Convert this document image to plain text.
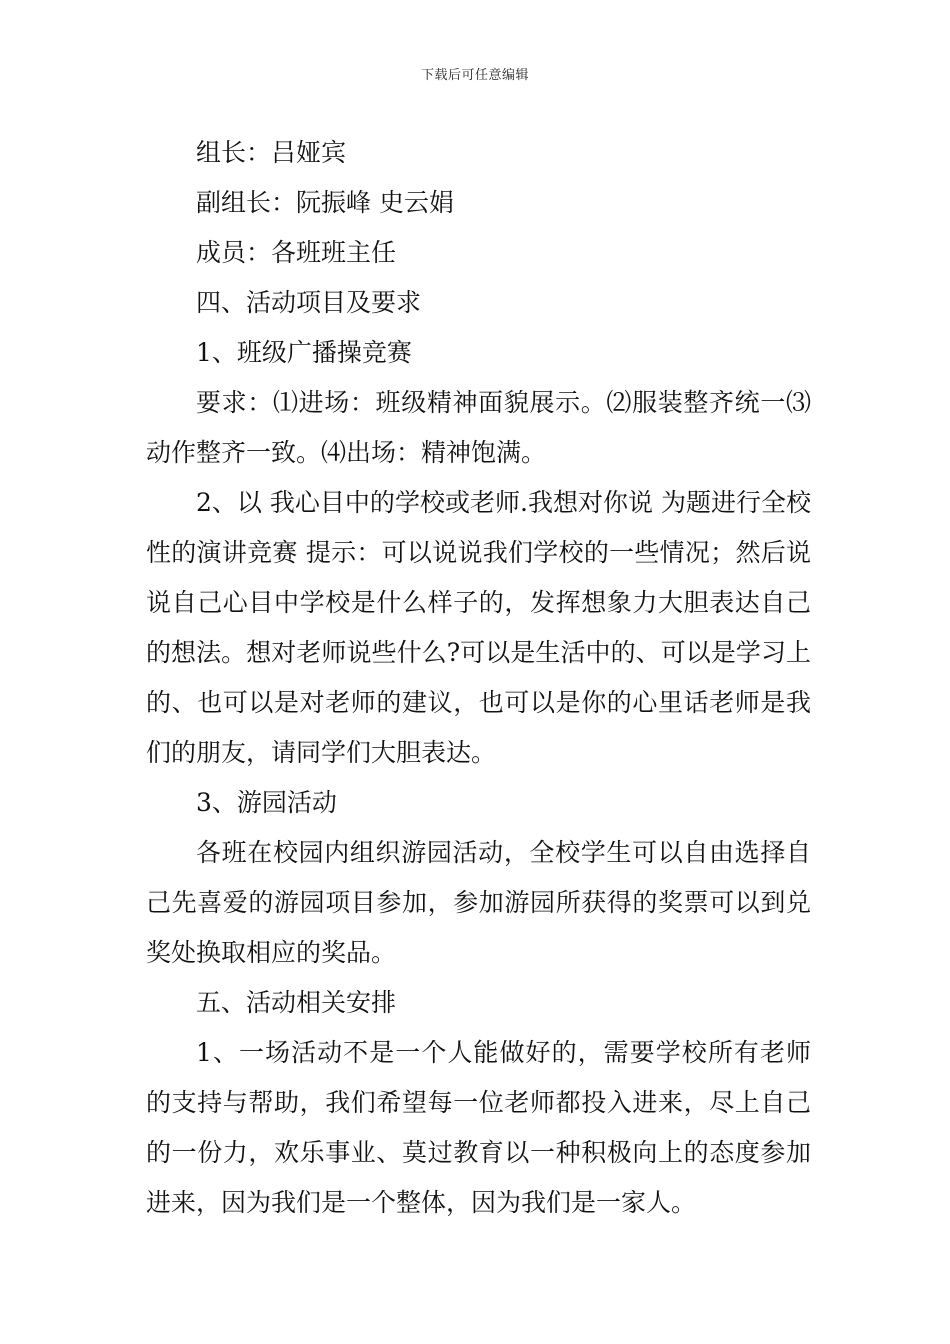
下载后可任意编辑

组长：吕娅宾

副组长：阮振峰 史云娟

成员：各班班主任

四、活动项目及要求

1、班级广播操竞赛

要求：⑴进场：班级精神面貌展示。⑵服装整齐统一⑶动作整齐一致。⑷出场：精神饱满。

2、以 我心目中的学校或老师.我想对你说 为题进行全校性的演讲竞赛 提示：可以说说我们学校的一些情况；然后说说自己心目中学校是什么样子的，发挥想象力大胆表达自己的想法。想对老师说些什么?可以是生活中的、可以是学习上的、也可以是对老师的建议，也可以是你的心里话老师是我们的朋友，请同学们大胆表达。

3、游园活动

各班在校园内组织游园活动，全校学生可以自由选择自己先喜爱的游园项目参加，参加游园所获得的奖票可以到兑奖处换取相应的奖品。

五、活动相关安排

1、一场活动不是一个人能做好的，需要学校所有老师的支持与帮助，我们希望每一位老师都投入进来，尽上自己的一份力，欢乐事业、莫过教育以一种积极向上的态度参加进来，因为我们是一个整体，因为我们是一家人。
